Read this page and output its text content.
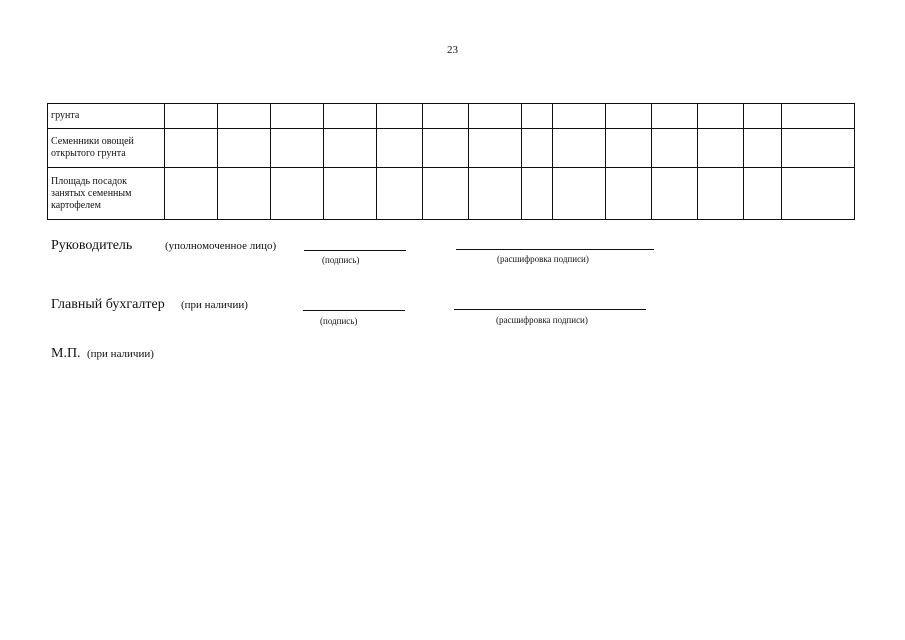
23
грунта														
Семенники овощей
открытого грунта														
Площадь посадок
занятых семенным
картофелем														
Руководитель	(уполномоченное лицо)
(подпись)	(расшифровка подписи)
Главный бухгалтер (при наличии)
(подпись)	(расшифровка подписи)
М.П. (при наличии)
